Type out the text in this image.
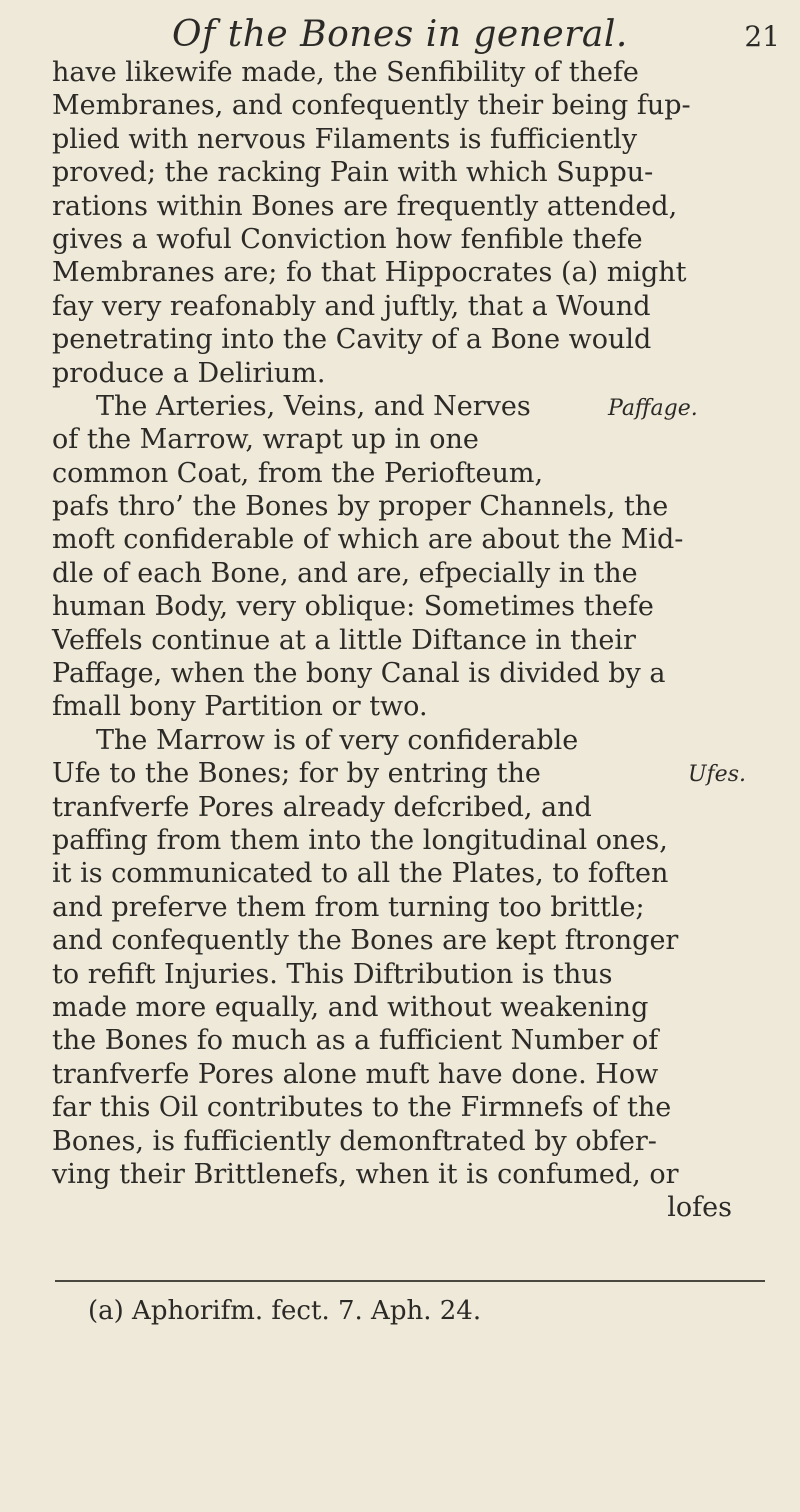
Of the Bones in general.	21
have likewife made, the Senfibility of thefe
Membranes, and confequently their being fup-
plied with nervous Filaments is fufficiently
proved; the racking Pain with which Suppu-
rations within Bones are frequently attended,
gives a woful Conviction how fenfible thefe
Membranes are; fo that Hippocrates (a) might
fay very reafonably and juftly, that a Wound
penetrating into the Cavity of a Bone would
produce a Delirium.
The Arteries, Veins, and Nerves
of the Marrow, wrapt up in one
common Coat, from the Periofteum,
pafs thro’ the Bones by proper Channels, the
moft confiderable of which are about the Mid-
dle of each Bone, and are, efpecially in the
human Body, very oblique: Sometimes thefe
Veffels continue at a little Diftance in their
Paffage, when the bony Canal is divided by a
fmall bony Partition or two.
The Marrow is of very confiderable
Ufe to the Bones; for by entring the
tranfverfe Pores already defcribed, and
paffing from them into the longitudinal ones,
it is communicated to all the Plates, to foften
and preferve them from turning too brittle;
and confequently the Bones are kept ftronger
to refift Injuries. This Diftribution is thus
made more equally, and without weakening
the Bones fo much as a fufficient Number of
tranfverfe Pores alone muft have done. How
far this Oil contributes to the Firmnefs of the
Bones, is fufficiently demonftrated by obfer-
ving their Brittlenefs, when it is confumed, or
lofes
Paffage.
Ufes.
(a) Aphorifm. fect. 7. Aph. 24.
